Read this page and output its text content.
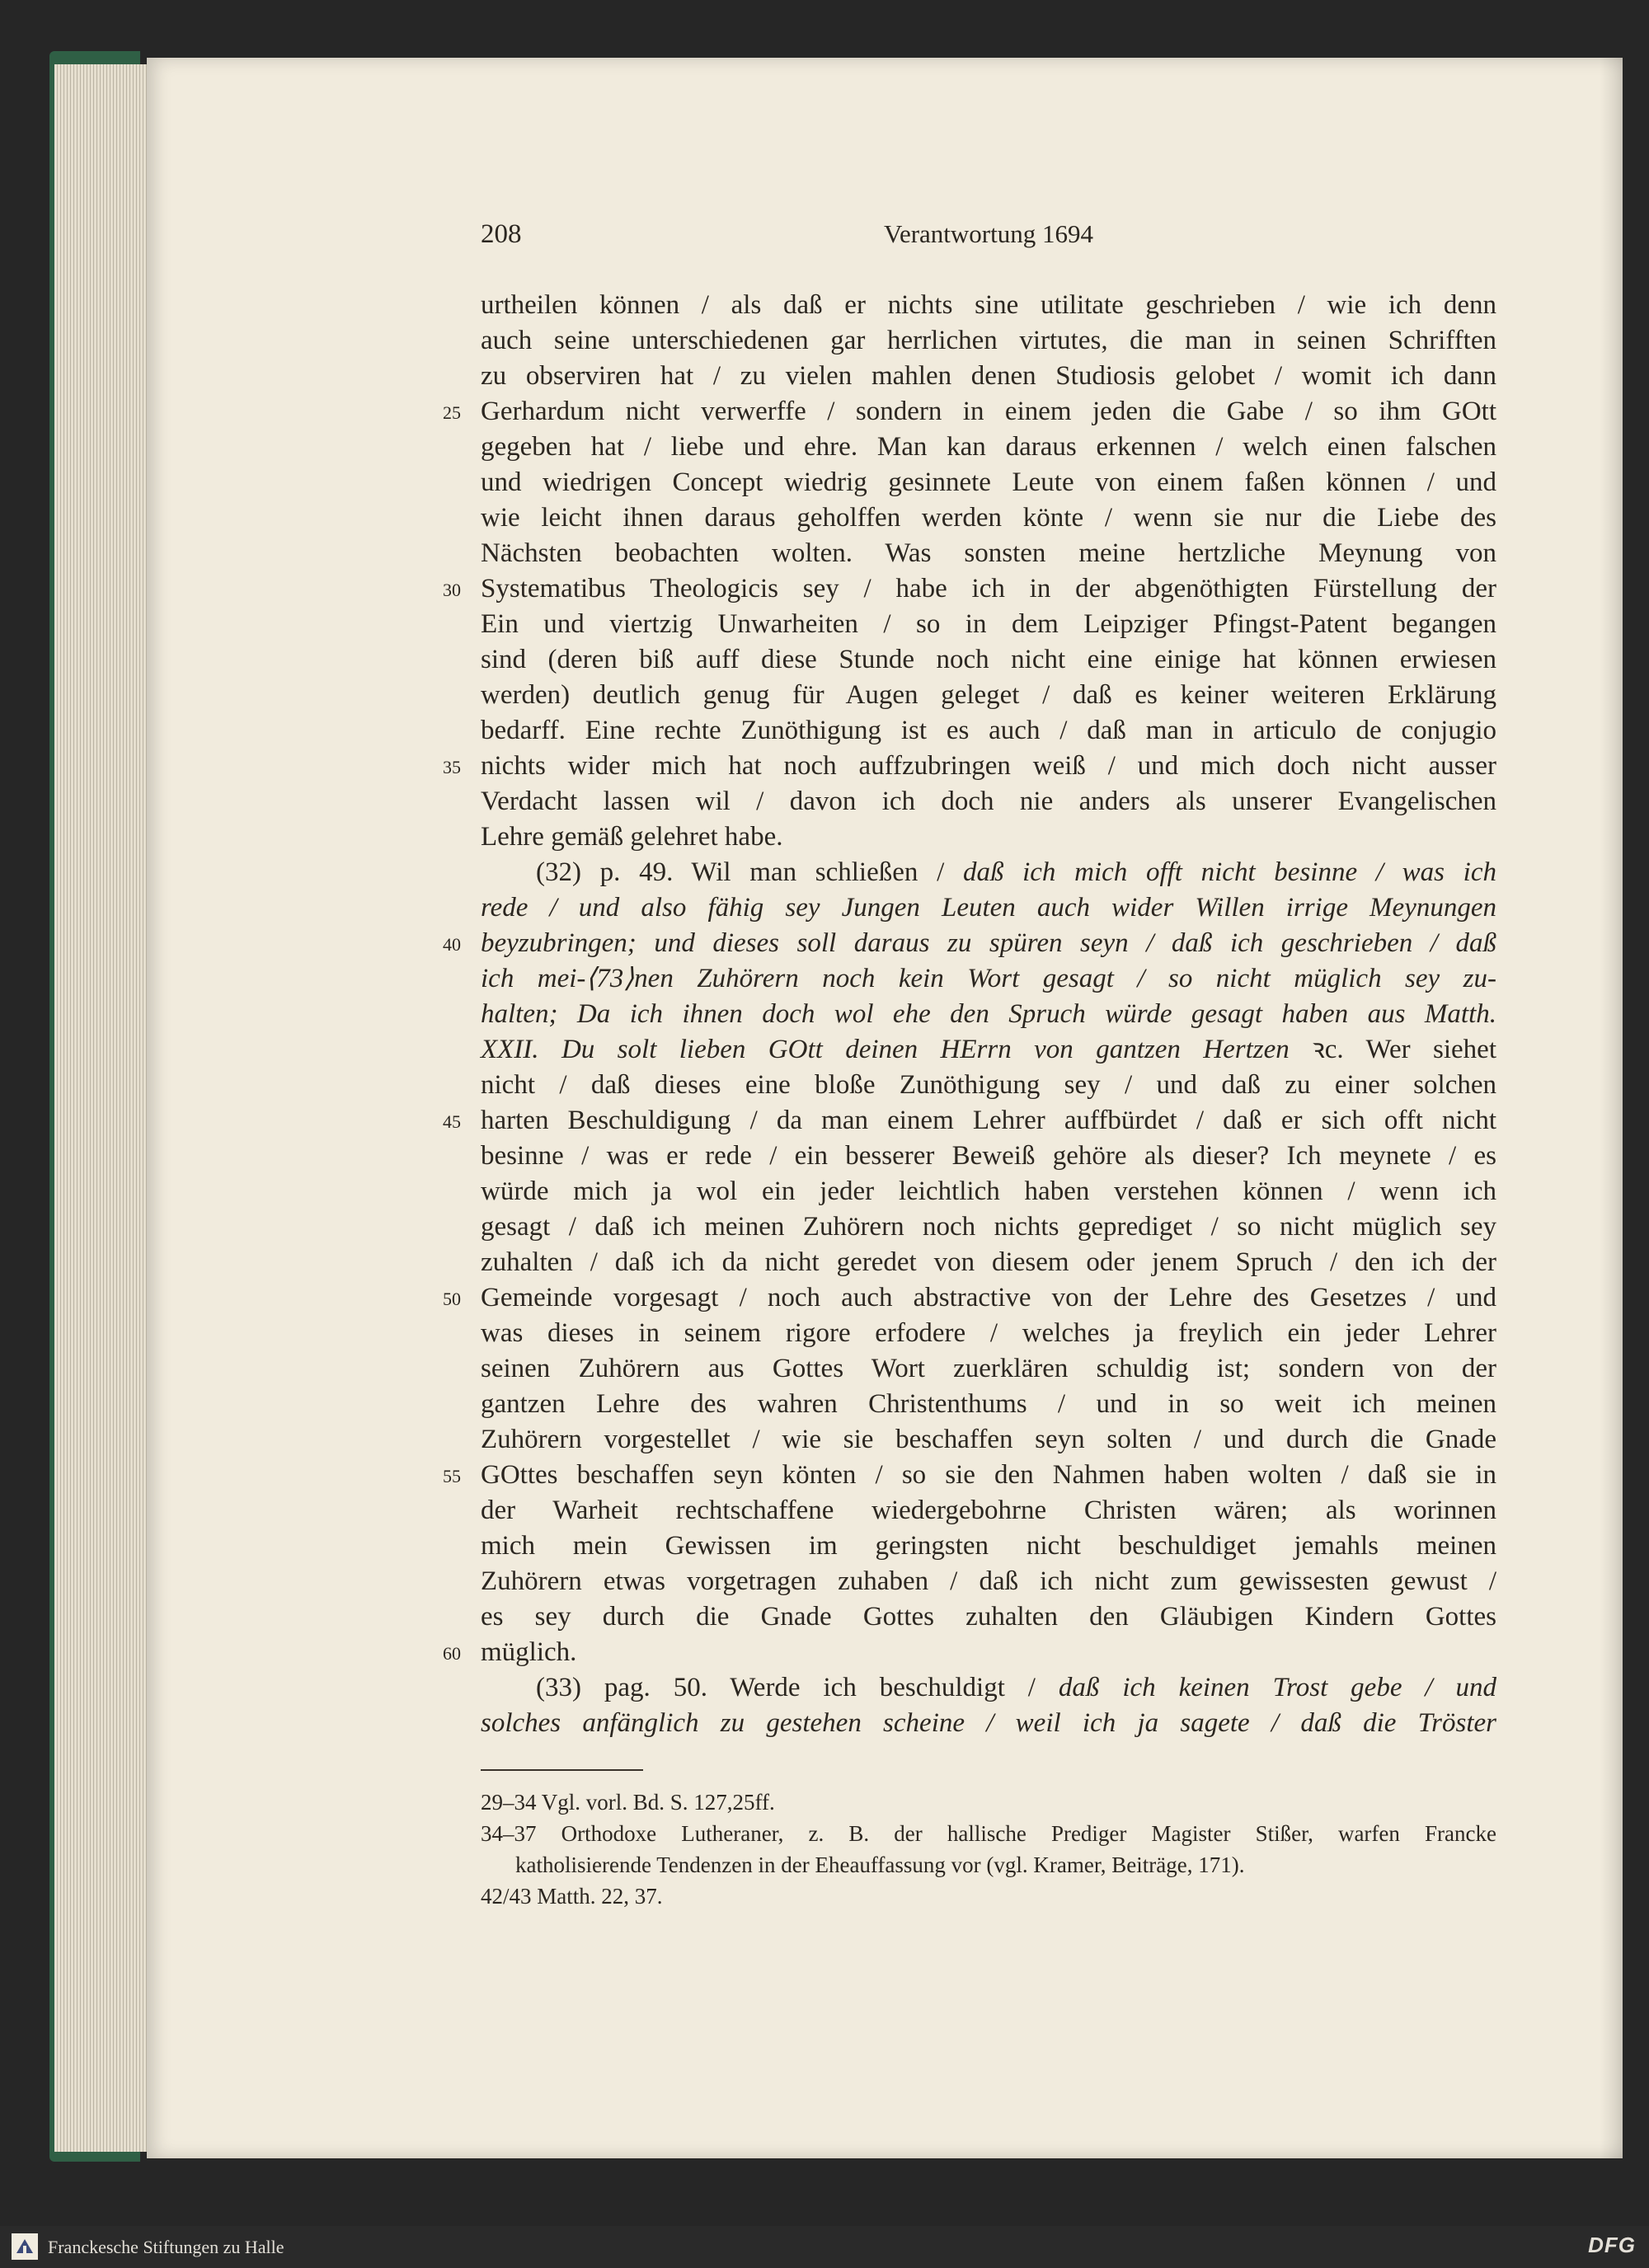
208	Verantwortung 1694
urtheilen können / als daß er nichts sine utilitate geschrieben / wie ich denn
auch seine unterschiedenen gar herrlichen virtutes, die man in seinen Schrifften
zu observiren hat / zu vielen mahlen denen Studiosis gelobet / womit ich dann
Gerhardum nicht verwerffe / sondern in einem jeden die Gabe / so ihm GOtt
gegeben hat / liebe und ehre. Man kan daraus erkennen / welch einen falschen
und wiedrigen Concept wiedrig gesinnete Leute von einem faßen können / und
wie leicht ihnen daraus geholffen werden könte / wenn sie nur die Liebe des
Nächsten beobachten wolten. Was sonsten meine hertzliche Meynung von
Systematibus Theologicis sey / habe ich in der abgenöthigten Fürstellung der
Ein und viertzig Unwarheiten / so in dem Leipziger Pfingst-Patent begangen
sind (deren biß auff diese Stunde noch nicht eine einige hat können erwiesen
werden) deutlich genug für Augen geleget / daß es keiner weiteren Erklärung
bedarff. Eine rechte Zunöthigung ist es auch / daß man in articulo de conjugio
nichts wider mich hat noch auffzubringen weiß / und mich doch nicht ausser
Verdacht lassen wil / davon ich doch nie anders als unserer Evangelischen
Lehre gemäß gelehret habe.
(32) p. 49. Wil man schließen / daß ich mich offt nicht besinne / was ich
rede / und also fähig sey Jungen Leuten auch wider Willen irrige Meynungen
beyzubringen; und dieses soll daraus zu spüren seyn / daß ich geschrieben / daß
ich mei-⟨73⟩nen Zuhörern noch kein Wort gesagt / so nicht müglich sey zu-
halten; Da ich ihnen doch wol ehe den Spruch würde gesagt haben aus Matth.
XXII. Du solt lieben GOtt deinen HErrn von gantzen Hertzen ꝛc. Wer siehet
nicht / daß dieses eine bloße Zunöthigung sey / und daß zu einer solchen
harten Beschuldigung / da man einem Lehrer auffbürdet / daß er sich offt nicht
besinne / was er rede / ein besserer Beweiß gehöre als dieser? Ich meynete / es
würde mich ja wol ein jeder leichtlich haben verstehen können / wenn ich
gesagt / daß ich meinen Zuhörern noch nichts geprediget / so nicht müglich sey
zuhalten / daß ich da nicht geredet von diesem oder jenem Spruch / den ich der
Gemeinde vorgesagt / noch auch abstractive von der Lehre des Gesetzes / und
was dieses in seinem rigore erfodere / welches ja freylich ein jeder Lehrer
seinen Zuhörern aus Gottes Wort zuerklären schuldig ist; sondern von der
gantzen Lehre des wahren Christenthums / und in so weit ich meinen
Zuhörern vorgestellet / wie sie beschaffen seyn solten / und durch die Gnade
GOttes beschaffen seyn könten / so sie den Nahmen haben wolten / daß sie in
der Warheit rechtschaffene wiedergebohrne Christen wären; als worinnen
mich mein Gewissen im geringsten nicht beschuldiget jemahls meinen
Zuhörern etwas vorgetragen zuhaben / daß ich nicht zum gewissesten gewust /
es sey durch die Gnade Gottes zuhalten den Gläubigen Kindern Gottes
müglich.
(33) pag. 50. Werde ich beschuldigt / daß ich keinen Trost gebe / und
solches anfänglich zu gestehen scheine / weil ich ja sagete / daß die Tröster
25
30
35
40
45
50
55
60
29–34 Vgl. vorl. Bd. S. 127,25ff.
34–37 Orthodoxe Lutheraner, z. B. der hallische Prediger Magister Stißer, warfen Francke
katholisierende Tendenzen in der Eheauffassung vor (vgl. Kramer, Beiträge, 171).
42/43 Matth. 22, 37.
Franckesche Stiftungen zu Halle	DFG
